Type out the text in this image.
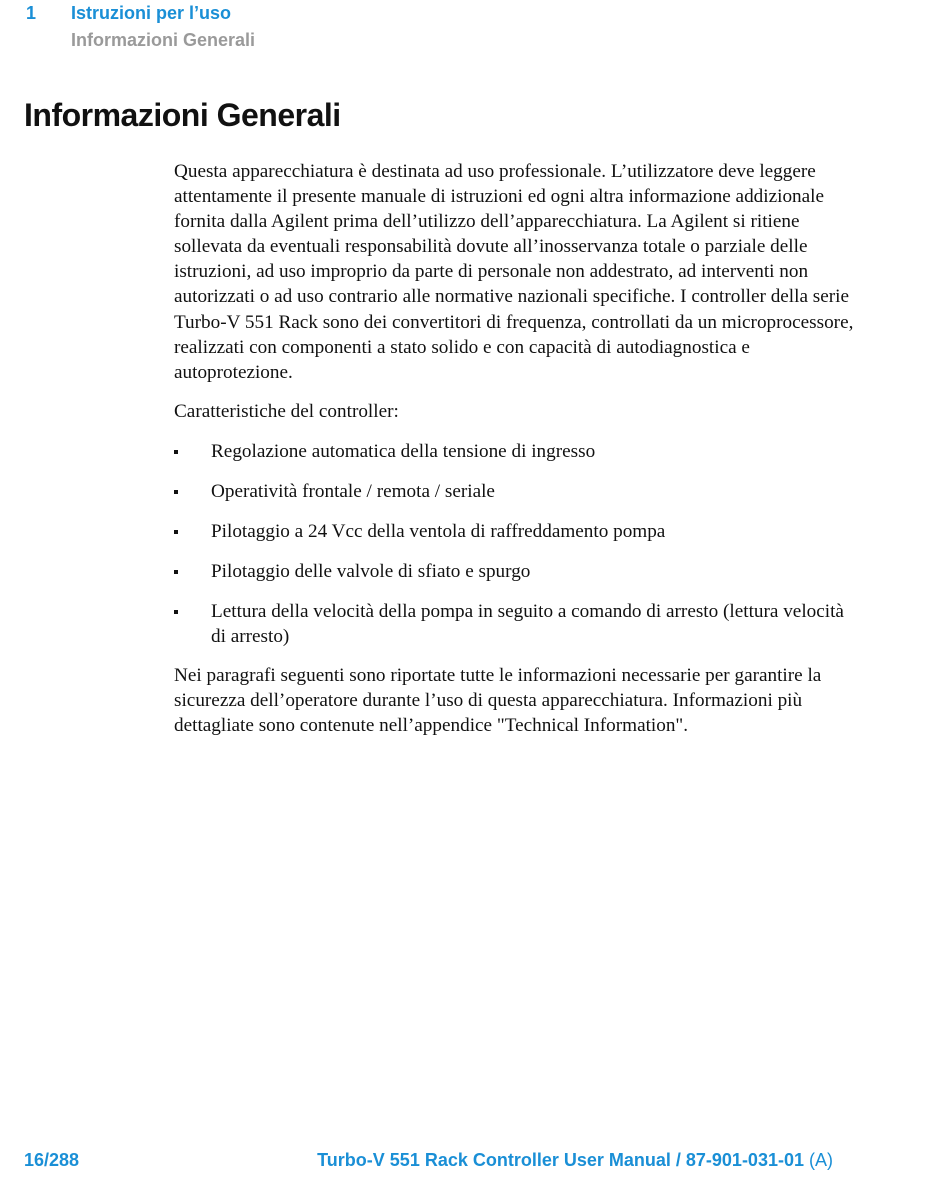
1 Istruzioni per l’uso
Informazioni Generali
Informazioni Generali

Questa apparecchiatura è destinata ad uso professionale. L’utilizzatore deve leggere attentamente il presente manuale di istruzioni ed ogni altra informazione addizionale fornita dalla Agilent prima dell’utilizzo dell’apparecchiatura. La Agilent si ritiene sollevata da eventuali responsabilità dovute all’inosservanza totale o parziale delle istruzioni, ad uso improprio da parte di personale non addestrato, ad interventi non autorizzati o ad uso contrario alle normative nazionali specifiche. I controller della serie Turbo-V 551 Rack sono dei convertitori di frequenza, controllati da un microprocessore, realizzati con componenti a stato solido e con capacità di autodiagnostica e autoprotezione.

Caratteristiche del controller:

Regolazione automatica della tensione di ingresso
Operatività frontale / remota / seriale
Pilotaggio a 24 Vcc della ventola di raffreddamento pompa
Pilotaggio delle valvole di sfiato e spurgo
Lettura della velocità della pompa in seguito a comando di arresto (lettura velocità di arresto)

Nei paragrafi seguenti sono riportate tutte le informazioni necessarie per garantire la sicurezza dell’operatore durante l’uso di questa apparecchiatura. Informazioni più dettagliate sono contenute nell’appendice "Technical Information".

16/288	Turbo-V 551 Rack Controller User Manual / 87-901-031-01 (A)
